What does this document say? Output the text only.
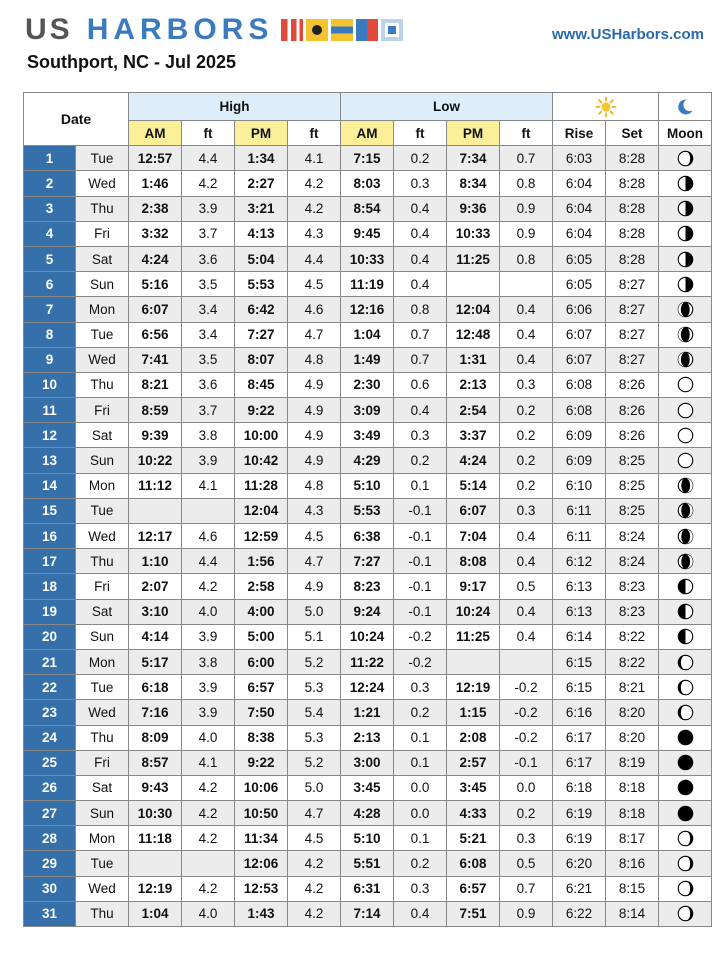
US HARBORS	www.USHarbors.com
Southport, NC - Jul 2025
Date		High				Low		
		AM	ft	PM	ft	AM	ft	PM	ft	Rise	Set	Moon
1	Tue	12:57	4.4	1:34	4.1	7:15	0.2	7:34	0.7	6:03	8:28	
2	Wed	1:46	4.2	2:27	4.2	8:03	0.3	8:34	0.8	6:04	8:28	
3	Thu	2:38	3.9	3:21	4.2	8:54	0.4	9:36	0.9	6:04	8:28	
4	Fri	3:32	3.7	4:13	4.3	9:45	0.4	10:33	0.9	6:04	8:28	
5	Sat	4:24	3.6	5:04	4.4	10:33	0.4	11:25	0.8	6:05	8:28	
6	Sun	5:16	3.5	5:53	4.5	11:19	0.4			6:05	8:27	
7	Mon	6:07	3.4	6:42	4.6	12:16	0.8	12:04	0.4	6:06	8:27	
8	Tue	6:56	3.4	7:27	4.7	1:04	0.7	12:48	0.4	6:07	8:27	
9	Wed	7:41	3.5	8:07	4.8	1:49	0.7	1:31	0.4	6:07	8:27	
10	Thu	8:21	3.6	8:45	4.9	2:30	0.6	2:13	0.3	6:08	8:26	
11	Fri	8:59	3.7	9:22	4.9	3:09	0.4	2:54	0.2	6:08	8:26	
12	Sat	9:39	3.8	10:00	4.9	3:49	0.3	3:37	0.2	6:09	8:26	
13	Sun	10:22	3.9	10:42	4.9	4:29	0.2	4:24	0.2	6:09	8:25	
14	Mon	11:12	4.1	11:28	4.8	5:10	0.1	5:14	0.2	6:10	8:25	
15	Tue			12:04	4.3	5:53	-0.1	6:07	0.3	6:11	8:25	
16	Wed	12:17	4.6	12:59	4.5	6:38	-0.1	7:04	0.4	6:11	8:24	
17	Thu	1:10	4.4	1:56	4.7	7:27	-0.1	8:08	0.4	6:12	8:24	
18	Fri	2:07	4.2	2:58	4.9	8:23	-0.1	9:17	0.5	6:13	8:23	
19	Sat	3:10	4.0	4:00	5.0	9:24	-0.1	10:24	0.4	6:13	8:23	
20	Sun	4:14	3.9	5:00	5.1	10:24	-0.2	11:25	0.4	6:14	8:22	
21	Mon	5:17	3.8	6:00	5.2	11:22	-0.2			6:15	8:22	
22	Tue	6:18	3.9	6:57	5.3	12:24	0.3	12:19	-0.2	6:15	8:21	
23	Wed	7:16	3.9	7:50	5.4	1:21	0.2	1:15	-0.2	6:16	8:20	
24	Thu	8:09	4.0	8:38	5.3	2:13	0.1	2:08	-0.2	6:17	8:20	
25	Fri	8:57	4.1	9:22	5.2	3:00	0.1	2:57	-0.1	6:17	8:19	
26	Sat	9:43	4.2	10:06	5.0	3:45	0.0	3:45	0.0	6:18	8:18	
27	Sun	10:30	4.2	10:50	4.7	4:28	0.0	4:33	0.2	6:19	8:18	
28	Mon	11:18	4.2	11:34	4.5	5:10	0.1	5:21	0.3	6:19	8:17	
29	Tue			12:06	4.2	5:51	0.2	6:08	0.5	6:20	8:16	
30	Wed	12:19	4.2	12:53	4.2	6:31	0.3	6:57	0.7	6:21	8:15	
31	Thu	1:04	4.0	1:43	4.2	7:14	0.4	7:51	0.9	6:22	8:14	
